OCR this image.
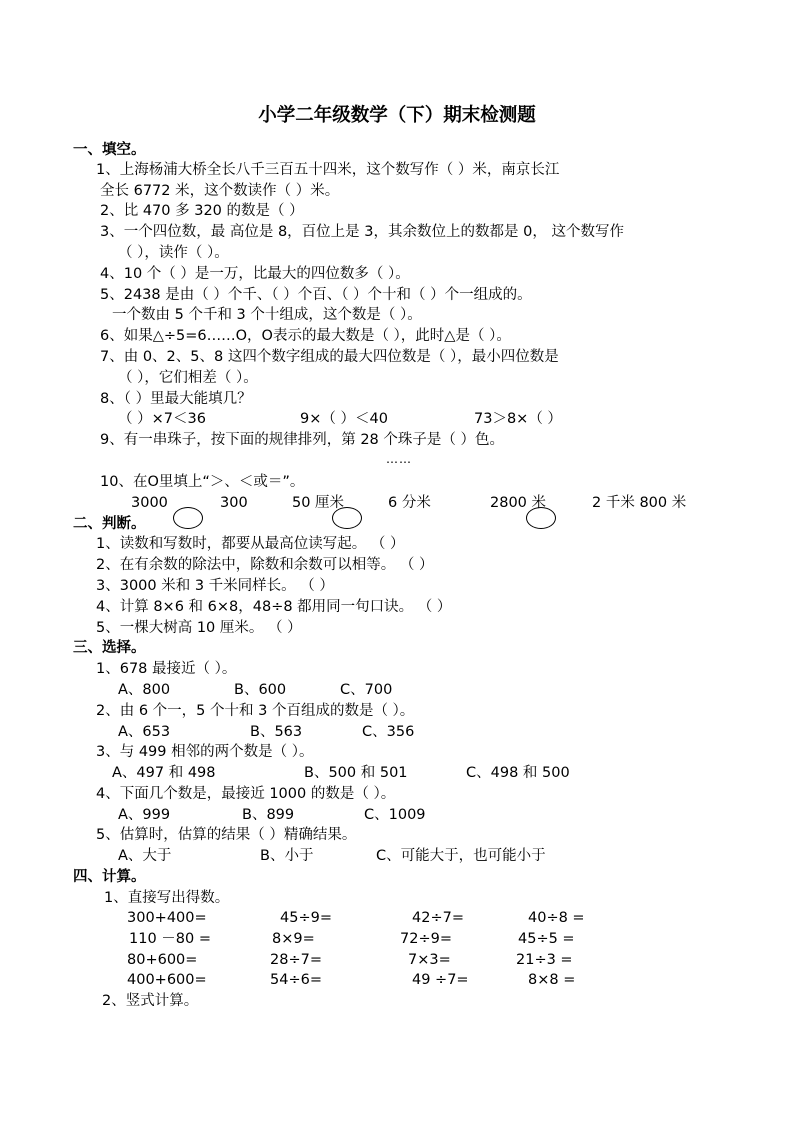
小学二年级数学（下）期末检测题
一、填空。
1、上海杨浦大桥全长八千三百五十四米，这个数写作（ ）米，南京长江
全长 6772 米，这个数读作（ ）米。
2、比 470 多 320 的数是（ ）
3、一个四位数，最 高位是 8，百位上是 3，其余数位上的数都是 0， 这个数写作
（ ），读作（ ）。
4、10 个（ ）是一万，比最大的四位数多（ ）。
5、2438 是由（ ）个千、（ ）个百、（ ）个十和（ ）个一组成的。
一个数由 5 个千和 3 个十组成，这个数是（ ）。
6、如果△÷5=6……O，O表示的最大数是（ ），此时△是（ ）。
7、由 0、2、5、8 这四个数字组成的最大四位数是（ ），最小四位数是
（ ），它们相差（ ）。
8、（ ）里最大能填几？
（ ）×7＜36	9×（ ）＜40	73＞8×（ ）
9、有一串珠子，按下面的规律排列，第 28 个珠子是（ ）色。
……
10、在O里填上“＞、＜或＝”。
3000	300	50 厘米	6 分米	2800 米	2 千米 800 米
二、判断。
1、读数和写数时，都要从最高位读写起。 （ ）
2、在有余数的除法中，除数和余数可以相等。 （ ）
3、3000 米和 3 千米同样长。 （ ）
4、计算 8×6 和 6×8，48÷8 都用同一句口诀。 （ ）
5、一棵大树高 10 厘米。 （ ）
三、选择。
1、678 最接近（ ）。
A、800	B、600	C、700
2、由 6 个一，5 个十和 3 个百组成的数是（ ）。
A、653	B、563	C、356
3、与 499 相邻的两个数是（ ）。
A、497 和 498	B、500 和 501	C、498 和 500
4、下面几个数是，最接近 1000 的数是（ ）。
A、999	B、899	C、1009
5、估算时，估算的结果（ ）精确结果。
A、大于	B、小于	C、可能大于，也可能小于
四、计算。
1、直接写出得数。
300+400=	45÷9=	42÷7=	40÷8 =
110 －80 =	8×9=	72÷9=	45÷5 =
80+600=	28÷7=	7×3=	21÷3 =
400+600=	54÷6=	49 ÷7=	8×8 =
2、竖式计算。
